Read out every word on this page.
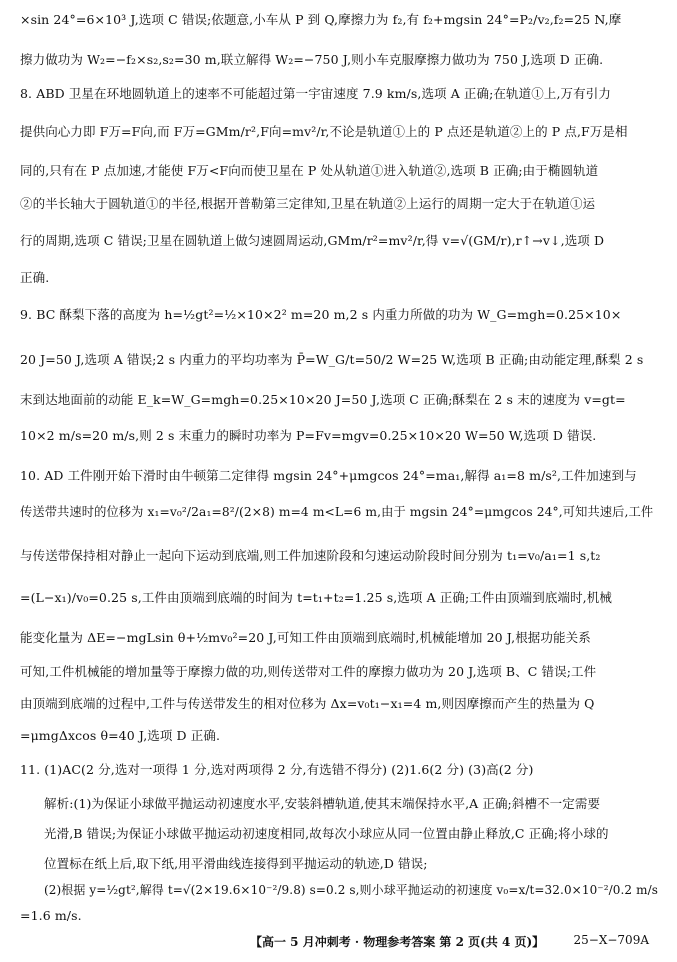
×sin 24°=6×10³ J,选项 C 错误;依题意,小车从 P 到 Q,摩擦力为 f₂,有 f₂+mgsin 24°=P₂/v₂,f₂=25 N,摩
擦力做功为 W₂=−f₂×s₂,s₂=30 m,联立解得 W₂=−750 J,则小车克服摩擦力做功为 750 J,选项 D 正确.
8. ABD 卫星在环地圆轨道上的速率不可能超过第一宇宙速度 7.9 km/s,选项 A 正确;在轨道①上,万有引力
提供向心力即 F万=F向,而 F万=GMm/r²,F向=mv²/r,不论是轨道①上的 P 点还是轨道②上的 P 点,F万是相
同的,只有在 P 点加速,才能使 F万<F向而使卫星在 P 处从轨道①进入轨道②,选项 B 正确;由于椭圆轨道
②的半长轴大于圆轨道①的半径,根据开普勒第三定律知,卫星在轨道②上运行的周期一定大于在轨道①运
行的周期,选项 C 错误;卫星在圆轨道上做匀速圆周运动,GMm/r²=mv²/r,得 v=√(GM/r),r↑→v↓,选项 D
正确.
9. BC 酥梨下落的高度为 h=½gt²=½×10×2² m=20 m,2 s 内重力所做的功为 W_G=mgh=0.25×10×
20 J=50 J,选项 A 错误;2 s 内重力的平均功率为 P̄=W_G/t=50/2 W=25 W,选项 B 正确;由动能定理,酥梨 2 s
末到达地面前的动能 E_k=W_G=mgh=0.25×10×20 J=50 J,选项 C 正确;酥梨在 2 s 末的速度为 v=gt=
10×2 m/s=20 m/s,则 2 s 末重力的瞬时功率为 P=Fv=mgv=0.25×10×20 W=50 W,选项 D 错误.
10. AD 工件刚开始下滑时由牛顿第二定律得 mgsin 24°+μmgcos 24°=ma₁,解得 a₁=8 m/s²,工件加速到与
传送带共速时的位移为 x₁=v₀²/2a₁=8²/(2×8) m=4 m<L=6 m,由于 mgsin 24°=μmgcos 24°,可知共速后,工件
与传送带保持相对静止一起向下运动到底端,则工件加速阶段和匀速运动阶段时间分别为 t₁=v₀/a₁=1 s,t₂
=(L−x₁)/v₀=0.25 s,工件由顶端到底端的时间为 t=t₁+t₂=1.25 s,选项 A 正确;工件由顶端到底端时,机械
能变化量为 ΔE=−mgLsin θ+½mv₀²=20 J,可知工件由顶端到底端时,机械能增加 20 J,根据功能关系
可知,工件机械能的增加量等于摩擦力做的功,则传送带对工件的摩擦力做功为 20 J,选项 B、C 错误;工件
由顶端到底端的过程中,工件与传送带发生的相对位移为 Δx=v₀t₁−x₁=4 m,则因摩擦而产生的热量为 Q
=μmgΔxcos θ=40 J,选项 D 正确.
11. (1)AC(2 分,选对一项得 1 分,选对两项得 2 分,有选错不得分) (2)1.6(2 分) (3)高(2 分)
解析:(1)为保证小球做平抛运动初速度水平,安装斜槽轨道,使其末端保持水平,A 正确;斜槽不一定需要
光滑,B 错误;为保证小球做平抛运动初速度相同,故每次小球应从同一位置由静止释放,C 正确;将小球的
位置标在纸上后,取下纸,用平滑曲线连接得到平抛运动的轨迹,D 错误;
(2)根据 y=½gt²,解得 t=√(2×19.6×10⁻²/9.8) s=0.2 s,则小球平抛运动的初速度 v₀=x/t=32.0×10⁻²/0.2 m/s
=1.6 m/s.
【高一 5 月冲刺考 · 物理参考答案 第 2 页(共 4 页)】 25−X−709A
